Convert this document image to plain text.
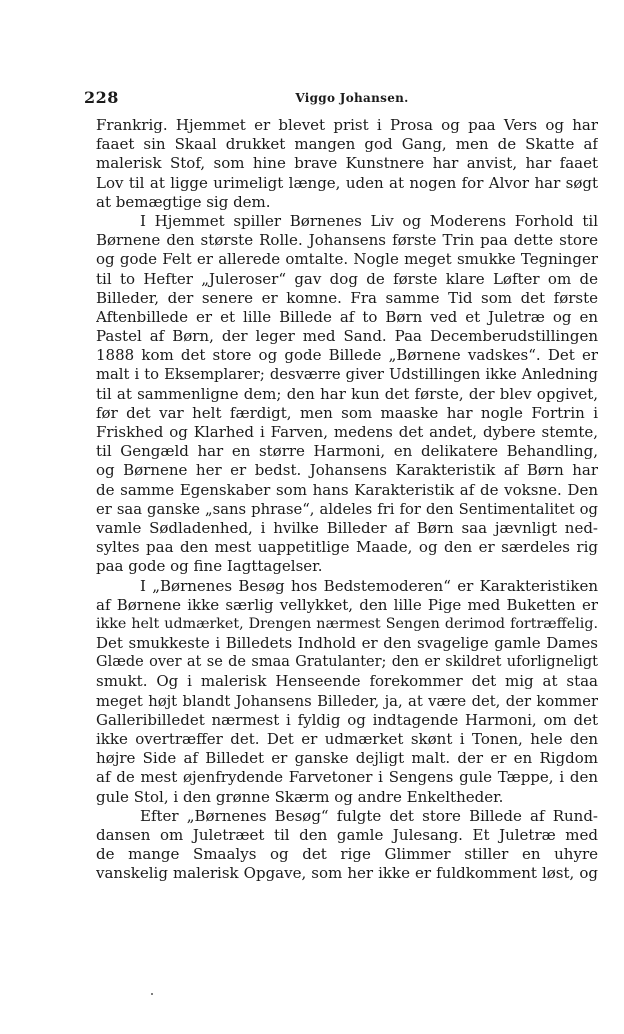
228	Viggo Johansen.
Frankrig. Hjemmet er blevet prist i Prosa og paa Vers og har
faaet sin Skaal drukket mangen god Gang, men de Skatte af
malerisk Stof, som hine brave Kunstnere har anvist, har faaet
Lov til at ligge urimeligt længe, uden at nogen for Alvor har søgt
at bemægtige sig dem.
I Hjemmet spiller Børnenes Liv og Moderens Forhold til
Børnene den største Rolle. Johansens første Trin paa dette store
og gode Felt er allerede omtalte. Nogle meget smukke Tegninger
til to Hefter „Juleroser“ gav dog de første klare Løfter om de
Billeder, der senere er komne. Fra samme Tid som det første
Aftenbillede er et lille Billede af to Børn ved et Juletræ og en
Pastel af Børn, der leger med Sand. Paa Decemberudstillingen
1888 kom det store og gode Billede „Børnene vadskes“. Det er
malt i to Eksemplarer; desværre giver Udstillingen ikke Anledning
til at sammenligne dem; den har kun det første, der blev opgivet,
før det var helt færdigt, men som maaske har nogle Fortrin i
Friskhed og Klarhed i Farven, medens det andet, dybere stemte,
til Gengæld har en større Harmoni, en delikatere Behandling,
og Børnene her er bedst. Johansens Karakteristik af Børn har
de samme Egenskaber som hans Karakteristik af de voksne. Den
er saa ganske „sans phrase“, aldeles fri for den Sentimentalitet og
vamle Sødladenhed, i hvilke Billeder af Børn saa jævnligt ned-
syltes paa den mest uappetitlige Maade, og den er særdeles rig
paa gode og fine Iagttagelser.
I „Børnenes Besøg hos Bedstemoderen“ er Karakteristiken
af Børnene ikke særlig vellykket, den lille Pige med Buketten er
ikke helt udmærket, Drengen nærmest Sengen derimod fortræffelig.
Det smukkeste i Billedets Indhold er den svagelige gamle Dames
Glæde over at se de smaa Gratulanter; den er skildret uforligneligt
smukt. Og i malerisk Henseende forekommer det mig at staa
meget højt blandt Johansens Billeder, ja, at være det, der kommer
Galleribilledet nærmest i fyldig og indtagende Harmoni, om det
ikke overtræffer det. Det er udmærket skønt i Tonen, hele den
højre Side af Billedet er ganske dejligt malt. der er en Rigdom
af de mest øjenfrydende Farvetoner i Sengens gule Tæppe, i den
gule Stol, i den grønne Skærm og andre Enkeltheder.
Efter „Børnenes Besøg“ fulgte det store Billede af Rund-
dansen om Juletræet til den gamle Julesang. Et Juletræ med
de mange Smaalys og det rige Glimmer stiller en uhyre
vanskelig malerisk Opgave, som her ikke er fuldkomment løst, og
